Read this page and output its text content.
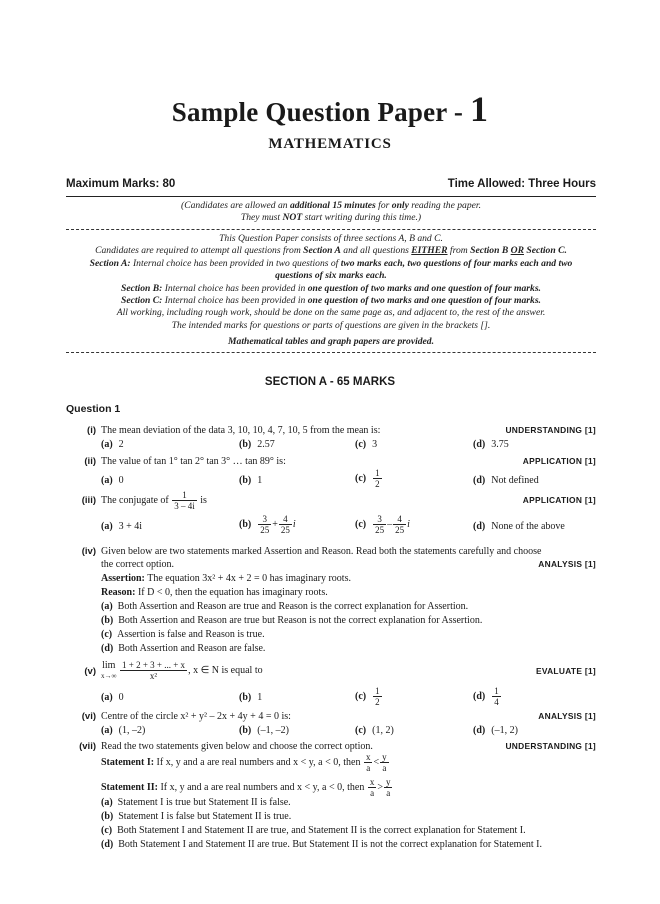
Sample Question Paper - 1
MATHEMATICS
Maximum Marks: 80	Time Allowed: Three Hours
(Candidates are allowed an additional 15 minutes for only reading the paper.
They must NOT start writing during this time.)
This Question Paper consists of three sections A, B and C.
Candidates are required to attempt all questions from Section A and all questions EITHER from Section B OR Section C.
Section A: Internal choice has been provided in two questions of two marks each, two questions of four marks each and two
questions of six marks each.
Section B: Internal choice has been provided in one question of two marks and one question of four marks.
Section C: Internal choice has been provided in one question of two marks and one question of four marks.
All working, including rough work, should be done on the same page as, and adjacent to, the rest of the answer.
The intended marks for questions or parts of questions are given in the brackets [].
Mathematical tables and graph papers are provided.
SECTION A - 65 MARKS
Question 1
(i) The mean deviation of the data 3, 10, 10, 4, 7, 10, 5 from the mean is:	UNDERSTANDING [1]
(a) 2	(b) 2.57	(c) 3	(d) 3.75
(ii) The value of tan 1° tan 2° tan 3° … tan 89° is:	APPLICATION [1]
(a) 0	(b) 1	$(c) \frac{1}{2}$	(d) Not defined
(iii) The conjugate of $\frac{1}{3 - 4i}$ is	APPLICATION [1]
(a) 3 + 4i	$(b) \frac{3}{25} + \frac{4}{25}$ i	$(c) \frac{3}{25} - \frac{4}{25}$ i	(d) None of the above
(iv) Given below are two statements marked Assertion and Reason. Read both the statements carefully and choose
the correct option.	ANALYSIS [1]
Assertion: The equation 3x² + 4x + 2 = 0 has imaginary roots.
Reason: If D < 0, then the equation has imaginary roots.
(a) Both Assertion and Reason are true and Reason is the correct explanation for Assertion.
(b) Both Assertion and Reason are true but Reason is not the correct explanation for Assertion.
(c) Assertion is false and Reason is true.
(d) Both Assertion and Reason are false.
(v)
lim
x→∞
$\frac{1 + 2 + 3 + ... + x}{\text{x²}}$ , x ∈ N is equal to	EVALUATE [1]
(a) 0	(b) 1	$(c) \frac{1}{2}$	$(d) \frac{1}{4}$
(vi) Centre of the circle x² + y² – 2x + 4y + 4 = 0 is:	ANALYSIS [1]
(a) (1, –2)	(b) (–1, –2)	(c) (1, 2)	(d) (–1, 2)
(vii) Read the two statements given below and choose the correct option.	UNDERSTANDING [1]
Statement I: If x, y and a are real numbers and x < y, a < 0, then $\frac{x}{a} < \frac{y}{a}$
Statement II: If x, y and a are real numbers and x < y, a < 0, then $\frac{x}{a} > \frac{y}{a}$
(a) Statement I is true but Statement II is false.
(b) Statement I is false but Statement II is true.
(c) Both Statement I and Statement II are true, and Statement II is the correct explanation for Statement I.
(d) Both Statement I and Statement II are true. But Statement II is not the correct explanation for Statement I.
